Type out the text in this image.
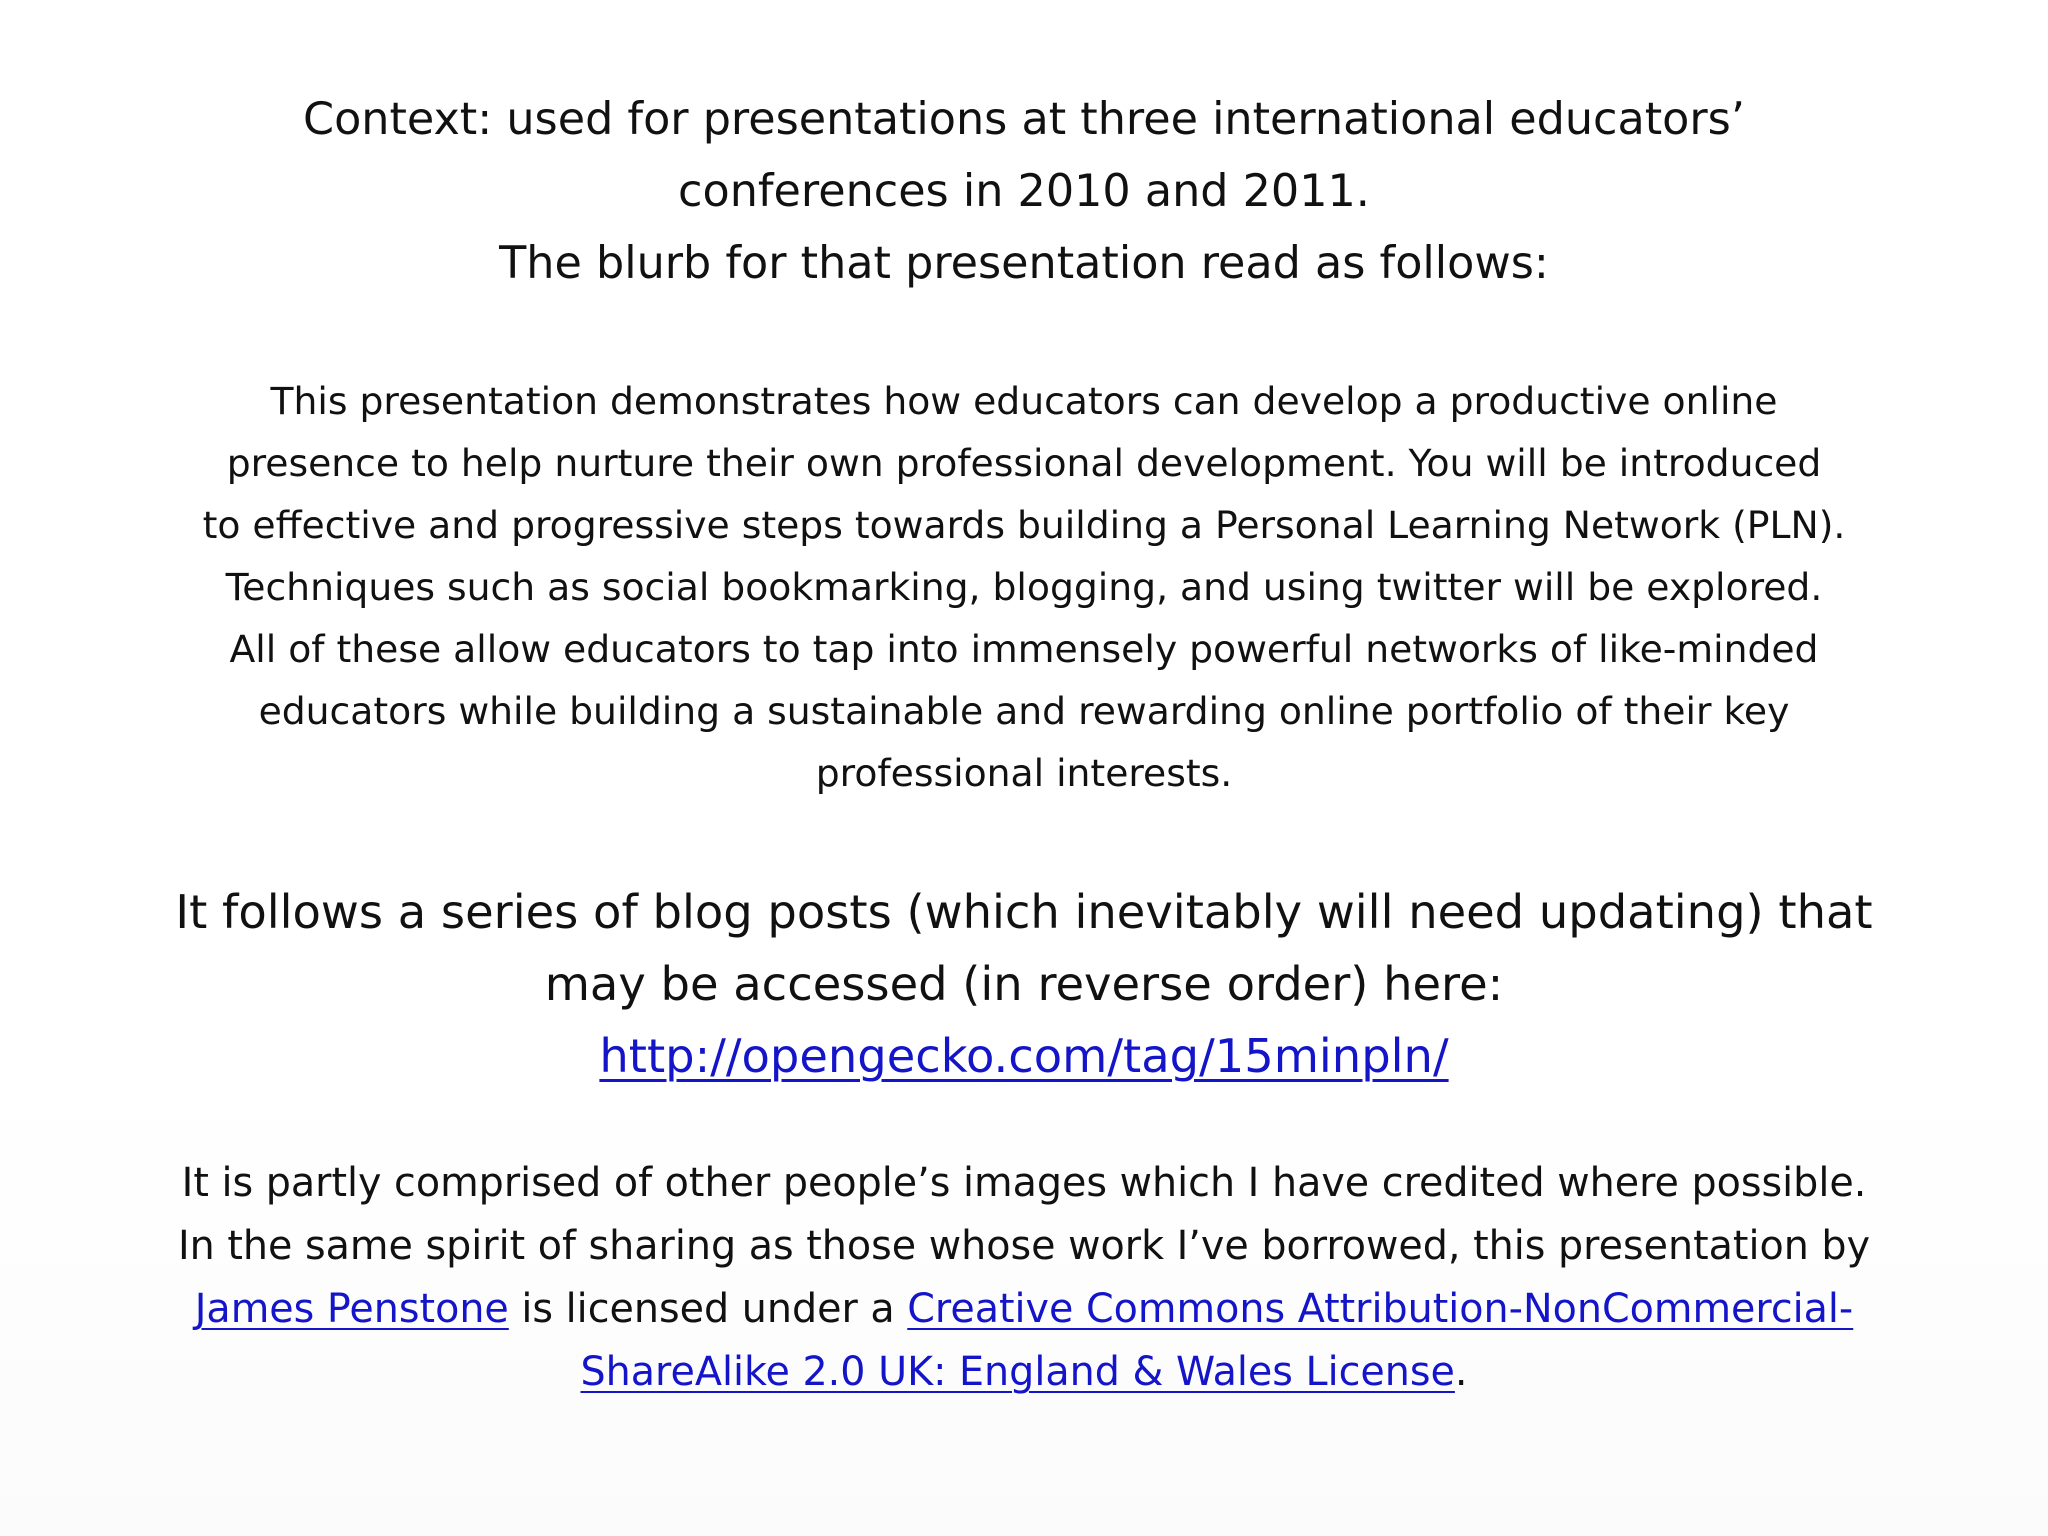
Context: used for presentations at three international educators’
conferences in 2010 and 2011.
The blurb for that presentation read as follows:
This presentation demonstrates how educators can develop a productive online
presence to help nurture their own professional development. You will be introduced
to effective and progressive steps towards building a Personal Learning Network (PLN).
Techniques such as social bookmarking, blogging, and using twitter will be explored.
All of these allow educators to tap into immensely powerful networks of like-minded
educators while building a sustainable and rewarding online portfolio of their key
professional interests.
It follows a series of blog posts (which inevitably will need updating) that
may be accessed (in reverse order) here:
http://opengecko.com/tag/15minpln/
It is partly comprised of other people’s images which I have credited where possible.
In the same spirit of sharing as those whose work I’ve borrowed, this presentation by
James Penstone is licensed under a Creative Commons Attribution-NonCommercial-
ShareAlike 2.0 UK: England & Wales License.
